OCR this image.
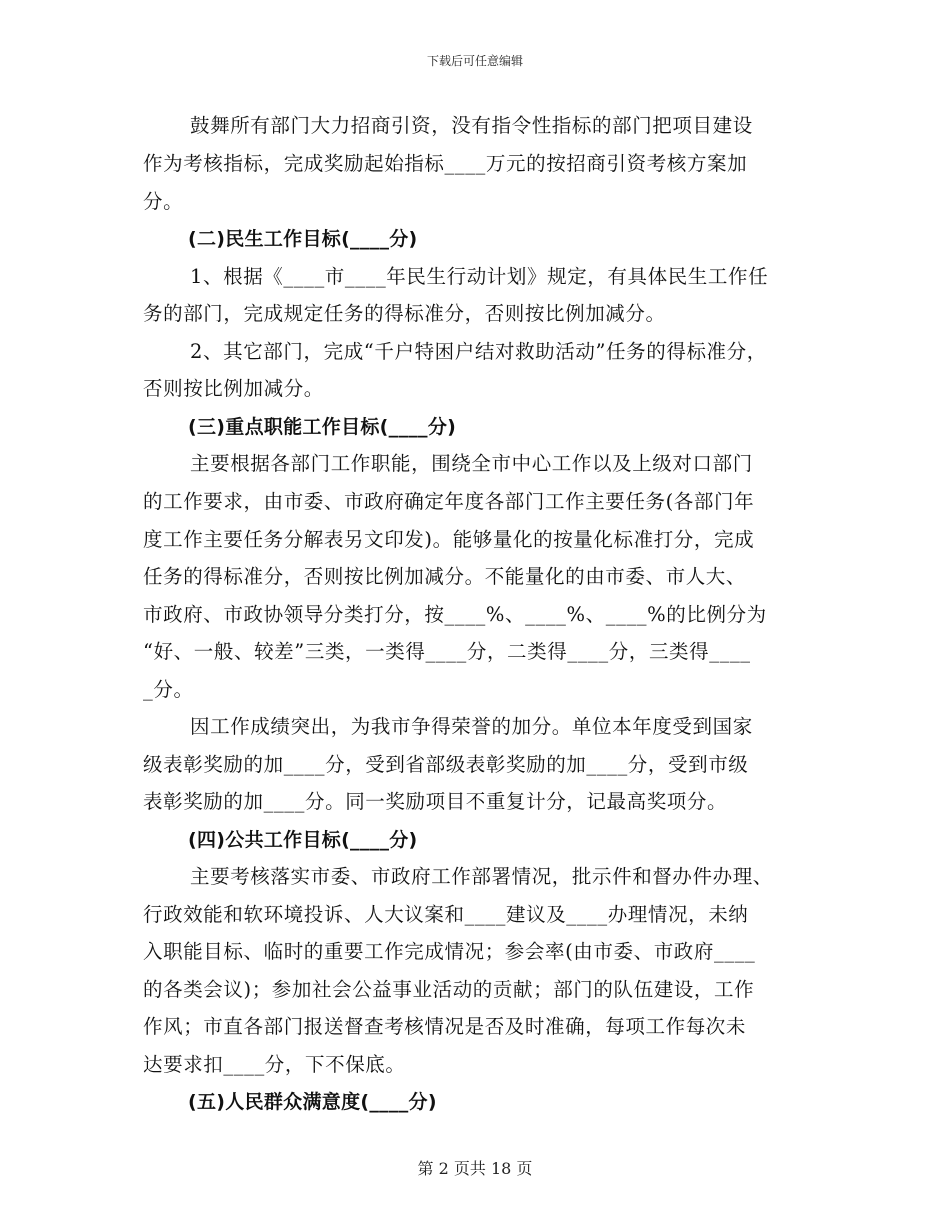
下载后可任意编辑
鼓舞所有部门大力招商引资，没有指令性指标的部门把项目建设
作为考核指标，完成奖励起始指标____万元的按招商引资考核方案加
分。
(二)民生工作目标(____分)
1、根据《____市____年民生行动计划》规定，有具体民生工作任
务的部门，完成规定任务的得标准分，否则按比例加减分。
2、其它部门，完成“千户特困户结对救助活动”任务的得标准分，
否则按比例加减分。
(三)重点职能工作目标(____分)
主要根据各部门工作职能，围绕全市中心工作以及上级对口部门
的工作要求，由市委、市政府确定年度各部门工作主要任务(各部门年
度工作主要任务分解表另文印发)。能够量化的按量化标准打分，完成
任务的得标准分，否则按比例加减分。不能量化的由市委、市人大、
市政府、市政协领导分类打分，按____%、____%、____%的比例分为
“好、一般、较差”三类，一类得____分，二类得____分，三类得____
_分。
因工作成绩突出，为我市争得荣誉的加分。单位本年度受到国家
级表彰奖励的加____分，受到省部级表彰奖励的加____分，受到市级
表彰奖励的加____分。同一奖励项目不重复计分，记最高奖项分。
(四)公共工作目标(____分)
主要考核落实市委、市政府工作部署情况，批示件和督办件办理、
行政效能和软环境投诉、人大议案和____建议及____办理情况，未纳
入职能目标、临时的重要工作完成情况；参会率(由市委、市政府____
的各类会议)；参加社会公益事业活动的贡献；部门的队伍建设，工作
作风；市直各部门报送督查考核情况是否及时准确，每项工作每次未
达要求扣____分，下不保底。
(五)人民群众满意度(____分)
第 2 页共 18 页
